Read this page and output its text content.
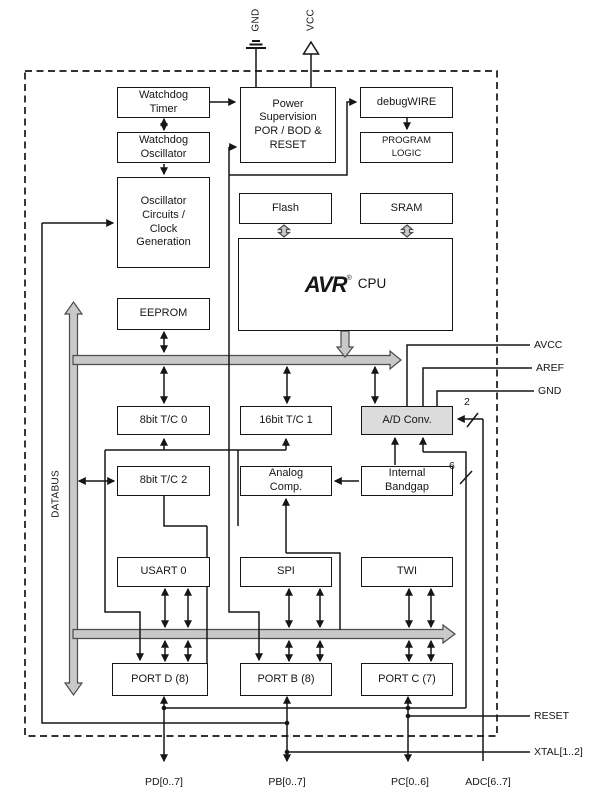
GND	VCC
DATABUS
Watchdog
Timer	Power
Supervision
POR / BOD &
RESET
debugWIRE
Watchdog
Oscillator
PROGRAM
LOGIC
Oscillator
Circuits /
Clock
Generation
Flash	SRAM
AVR ® CPU
EEPROM
8bit T/C 0	16bit T/C 1	A/D Conv.
8bit T/C 2
Analog
Comp.
Internal
Bandgap
USART 0	SPI	TWI
PORT D (8)	PORT B (8)	PORT C (7)
AVCC
AREF
GND
RESET
XTAL[1..2]
2
6
PD[0..7]	PB[0..7]	PC[0..6]	ADC[6..7]
